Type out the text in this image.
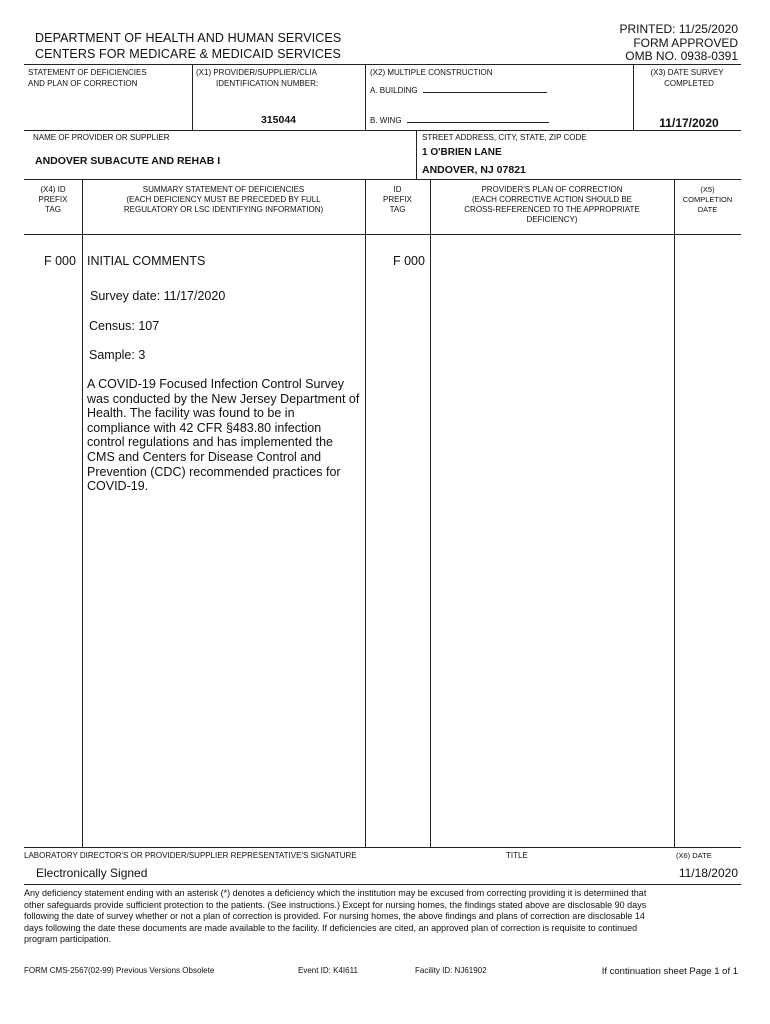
DEPARTMENT OF HEALTH AND HUMAN SERVICES
CENTERS FOR MEDICARE & MEDICAID SERVICES
PRINTED: 11/25/2020
FORM APPROVED
OMB NO. 0938-0391
STATEMENT OF DEFICIENCIES
AND PLAN OF CORRECTION
(X1) PROVIDER/SUPPLIER/CLIA
IDENTIFICATION NUMBER:
315044
(X2) MULTIPLE CONSTRUCTION
A. BUILDING
B. WING
(X3) DATE SURVEY
COMPLETED
11/17/2020
NAME OF PROVIDER OR SUPPLIER
ANDOVER SUBACUTE AND REHAB I
STREET ADDRESS, CITY, STATE, ZIP CODE
1 O'BRIEN LANE
ANDOVER, NJ 07821
(X4) ID
PREFIX
TAG
SUMMARY STATEMENT OF DEFICIENCIES
(EACH DEFICIENCY MUST BE PRECEDED BY FULL
REGULATORY OR LSC IDENTIFYING INFORMATION)
ID
PREFIX
TAG
PROVIDER'S PLAN OF CORRECTION
(EACH CORRECTIVE ACTION SHOULD BE
CROSS-REFERENCED TO THE APPROPRIATE
DEFICIENCY)
(X5)
COMPLETION
DATE
F 000 INITIAL COMMENTS	F 000
Survey date: 11/17/2020
Census: 107
Sample: 3
A COVID-19 Focused Infection Control Survey
was conducted by the New Jersey Department of
Health. The facility was found to be in
compliance with 42 CFR §483.80 infection
control regulations and has implemented the
CMS and Centers for Disease Control and
Prevention (CDC) recommended practices for
COVID-19.
LABORATORY DIRECTOR'S OR PROVIDER/SUPPLIER REPRESENTATIVE'S SIGNATURE	TITLE	(X6) DATE
Electronically Signed	11/18/2020
Any deficiency statement ending with an asterisk (*) denotes a deficiency which the institution may be excused from correcting providing it is determined that
other safeguards provide sufficient protection to the patients. (See instructions.) Except for nursing homes, the findings stated above are disclosable 90 days
following the date of survey whether or not a plan of correction is provided. For nursing homes, the above findings and plans of correction are disclosable 14
days following the date these documents are made available to the facility. If deficiencies are cited, an approved plan of correction is requisite to continued
program participation.
FORM CMS-2567(02-99) Previous Versions Obsolete	Event ID: K4I611	Facility ID: NJ61902	If continuation sheet Page 1 of 1
